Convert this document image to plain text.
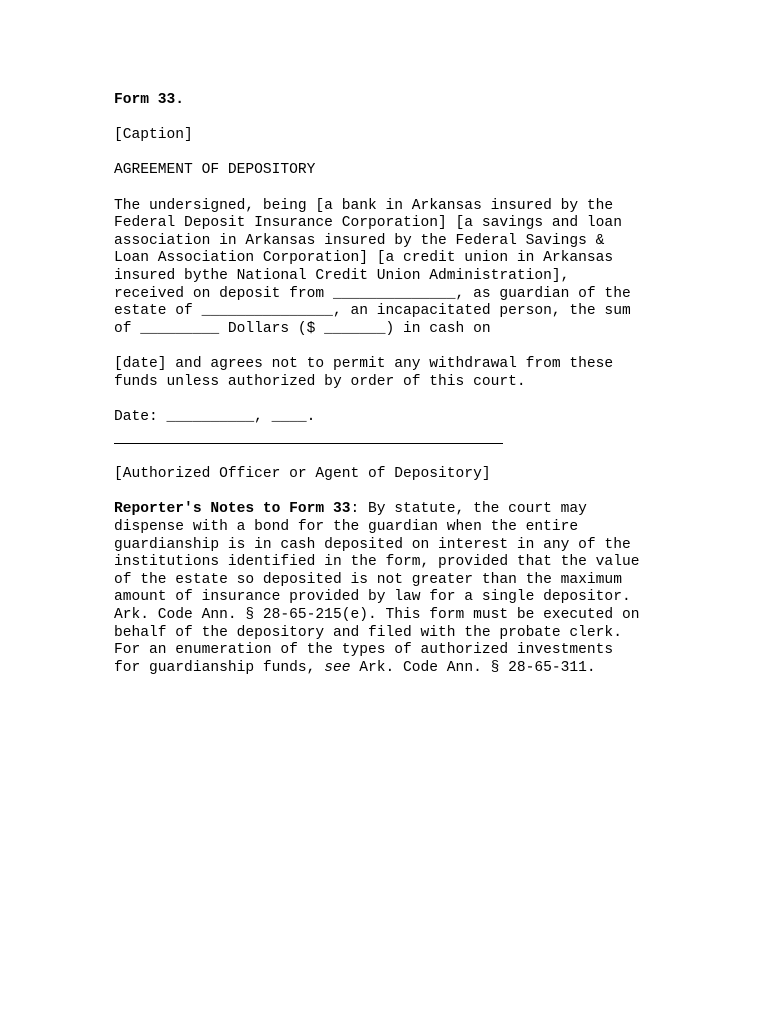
Form 33.

[Caption]

AGREEMENT OF DEPOSITORY

The undersigned, being [a bank in Arkansas insured by the
Federal Deposit Insurance Corporation] [a savings and loan
association in Arkansas insured by the Federal Savings &
Loan Association Corporation] [a credit union in Arkansas
insured bythe National Credit Union Administration],
received on deposit from ______________, as guardian of the
estate of _______________, an incapacitated person, the sum
of _________ Dollars ($ _______) in cash on

[date] and agrees not to permit any withdrawal from these
funds unless authorized by order of this court.

Date: __________, ____.

[Authorized Officer or Agent of Depository]

Reporter's Notes to Form 33: By statute, the court may
dispense with a bond for the guardian when the entire
guardianship is in cash deposited on interest in any of the
institutions identified in the form, provided that the value
of the estate so deposited is not greater than the maximum
amount of insurance provided by law for a single depositor.
Ark. Code Ann. § 28-65-215(e). This form must be executed on
behalf of the depository and filed with the probate clerk.
For an enumeration of the types of authorized investments
for guardianship funds, see Ark. Code Ann. § 28-65-311.
